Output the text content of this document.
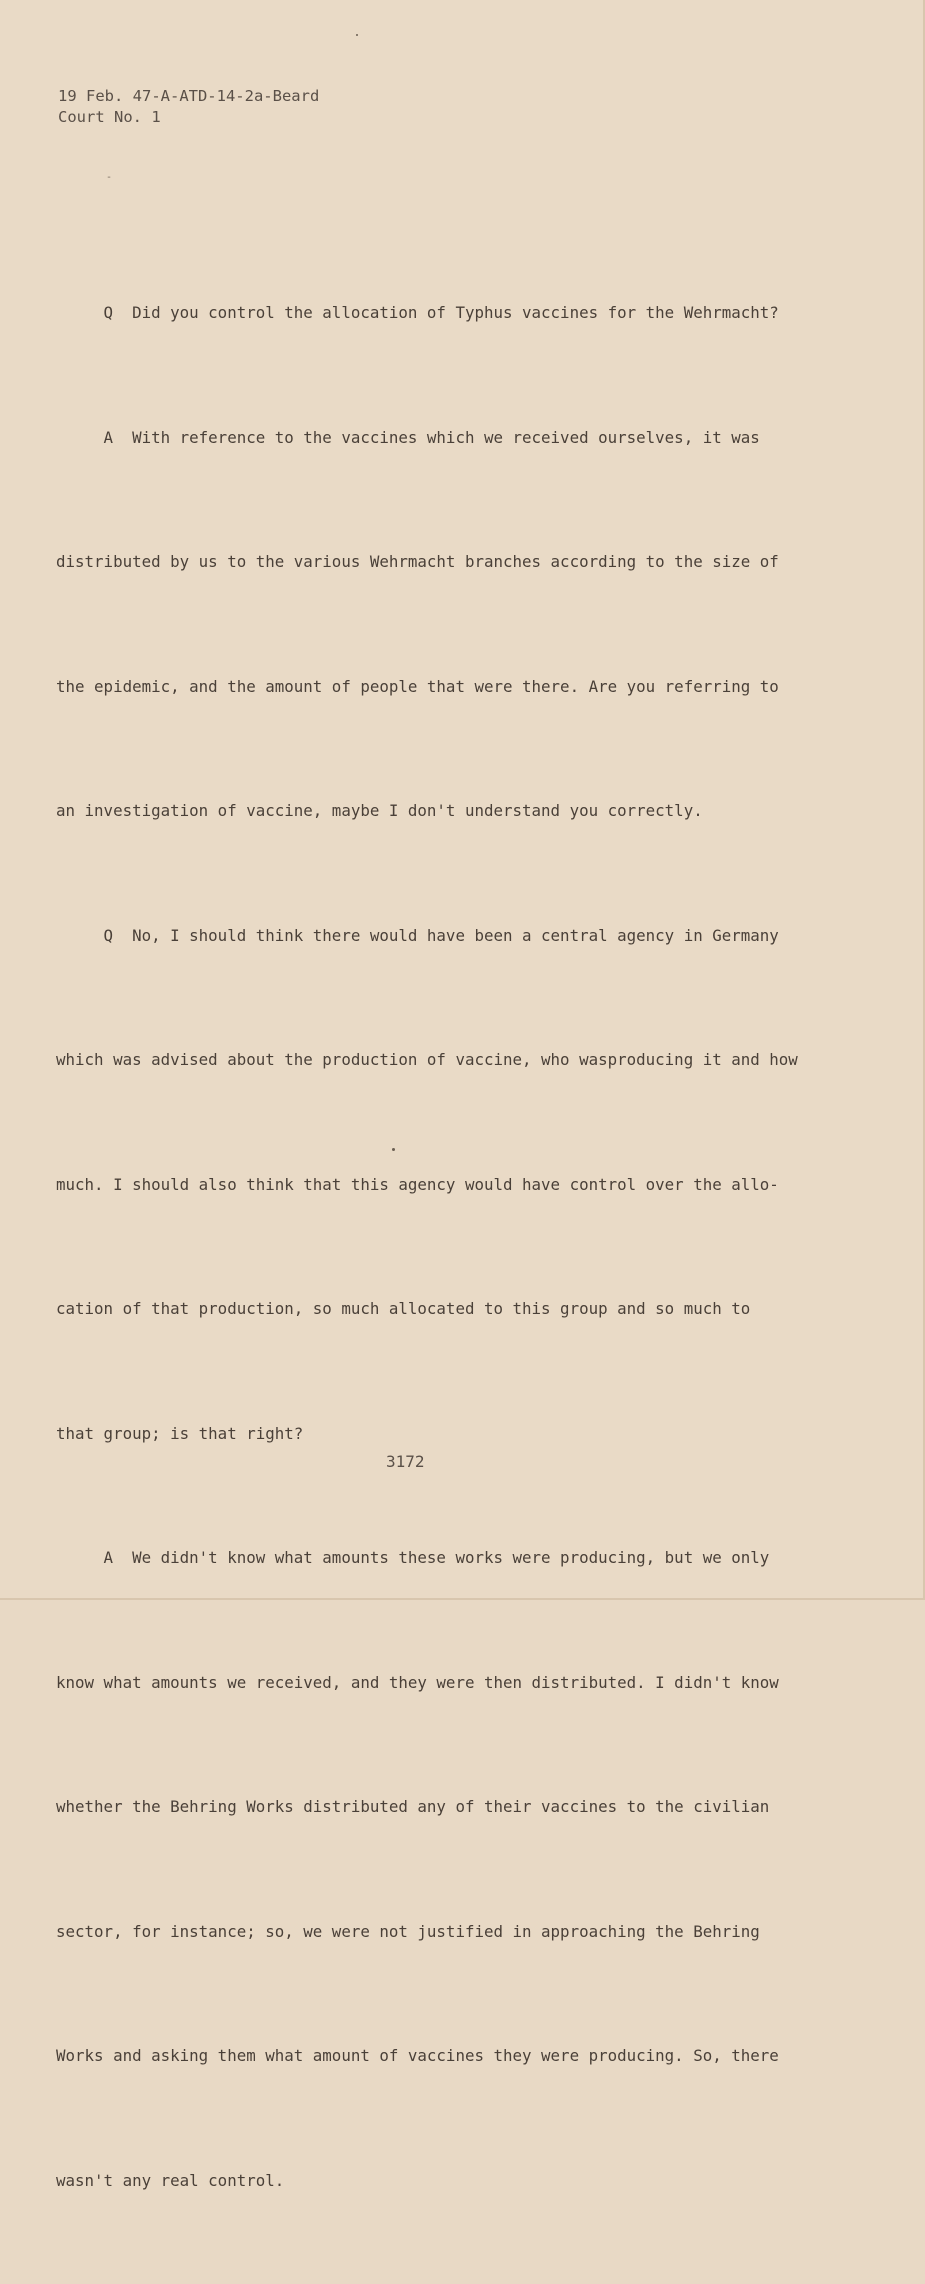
19 Feb. 47-A-ATD-14-2a-Beard
Court No. 1
-

Q  Did you control the allocation of Typhus vaccines for the Wehrmacht?

A  With reference to the vaccines which we received ourselves, it was

distributed by us to the various Wehrmacht branches according to the size of

the epidemic, and the amount of people that were there. Are you referring to

an investigation of vaccine, maybe I don't understand you correctly.

Q  No, I should think there would have been a central agency in Germany

which was advised about the production of vaccine, who wasproducing it and how

much. I should also think that this agency would have control over the allo-

cation of that production, so much allocated to this group and so much to

that group; is that right?

A  We didn't know what amounts these works were producing, but we only

know what amounts we received, and they were then distributed. I didn't know

whether the Behring Works distributed any of their vaccines to the civilian

sector, for instance; so, we were not justified in approaching the Behring

Works and asking them what amount of vaccines they were producing. So, there

wasn't any real control.

3172
